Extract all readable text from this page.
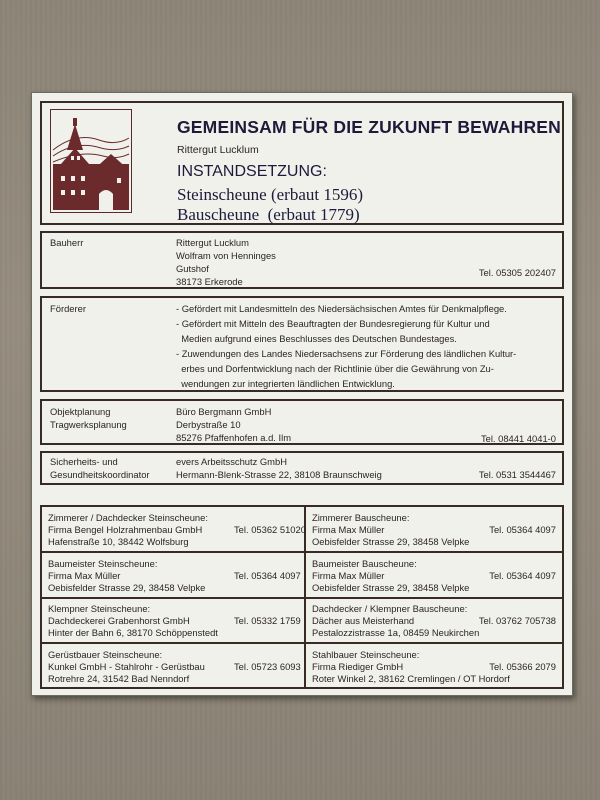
GEMEINSAM FÜR DIE ZUKUNFT BEWAHREN
Rittergut Lucklum
INSTANDSETZUNG:
Steinscheune (erbaut 1596)
Bauscheune  (erbaut 1779)
Bauherr	Rittergut Lucklum
Wolfram von Henninges
Gutshof
38173 Erkerode
Tel. 05305 202407
Förderer	- Gefördert mit Landesmitteln des Niedersächsischen Amtes für Denkmalpflege.
- Gefördert mit Mitteln des Beauftragten der Bundesregierung für Kultur und
Medien aufgrund eines Beschlusses des Deutschen Bundestages.
- Zuwendungen des Landes Niedersachsens zur Förderung des ländlichen Kultur-
erbes und Dorfentwicklung nach der Richtlinie über die Gewährung von Zu-
wendungen zur integrierten ländlichen Entwicklung.
Objektplanung
Tragwerksplanung
Büro Bergmann GmbH
Derbystraße 10
85276 Pfaffenhofen a.d. Ilm	Tel. 08441 4041-0
Sicherheits- und
Gesundheitskoordinator
evers Arbeitsschutz GmbH
Hermann-Blenk-Strasse 22, 38108 Braunschweig	Tel. 0531 3544467
Zimmerer / Dachdecker Steinscheune:
Firma Bengel Holzrahmenbau GmbH
Hafenstraße 10, 38442 Wolfsburg
Tel. 05362 51020
Zimmerer Bauscheune:
Firma Max Müller
Oebisfelder Strasse 29, 38458 Velpke
Tel. 05364 4097
Baumeister Steinscheune:
Firma Max Müller
Oebisfelder Strasse 29, 38458 Velpke
Tel. 05364 4097
Baumeister Bauscheune:
Firma Max Müller
Oebisfelder Strasse 29, 38458 Velpke
Tel. 05364 4097
Klempner Steinscheune:
Dachdeckerei Grabenhorst GmbH
Hinter der Bahn 6, 38170 Schöppenstedt
Tel. 05332 1759
Dachdecker / Klempner Bauscheune:
Dächer aus Meisterhand
Pestalozzistrasse 1a, 08459 Neukirchen
Tel. 03762 705738
Gerüstbauer Steinscheune:
Kunkel GmbH - Stahlrohr - Gerüstbau
Rotrehre 24, 31542 Bad Nenndorf
Tel. 05723 6093
Stahlbauer Steinscheune:
Firma Riediger GmbH
Roter Winkel 2, 38162 Cremlingen / OT Hordorf
Tel. 05366 2079
